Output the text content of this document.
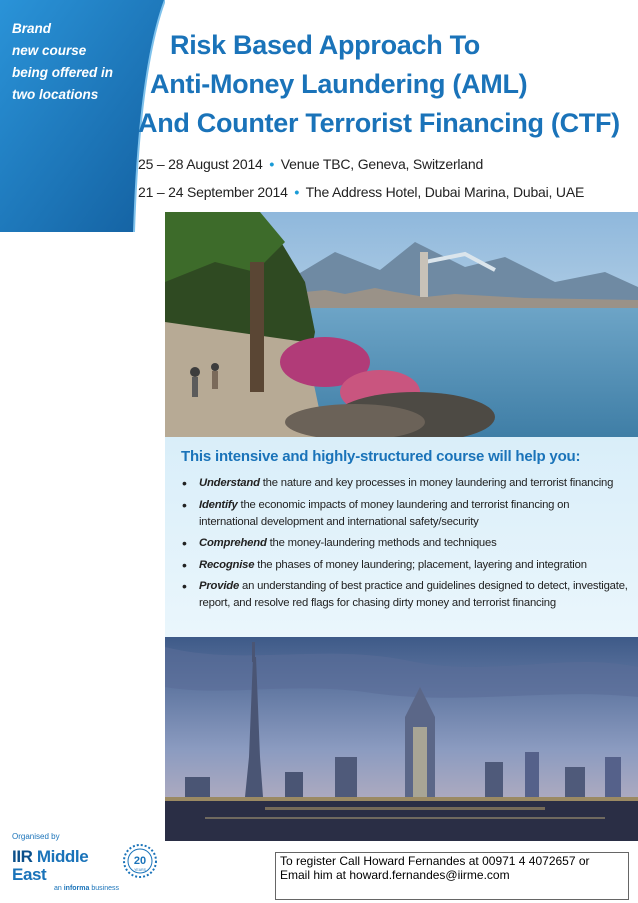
Brand
new course
being offered in
two locations
Risk Based Approach To
Anti-Money Laundering (AML)
And Counter Terrorist Financing (CTF)
25 – 28 August 2014 • Venue TBC, Geneva, Switzerland
21 – 24 September 2014 • The Address Hotel, Dubai Marina, Dubai, UAE
This intensive and highly-structured course will help you:
• Understand the nature and key processes in money laundering and terrorist financing
• Identify the economic impacts of money laundering and terrorist financing on international development and international safety/security
• Comprehend the money-laundering methods and techniques
• Recognise the phases of money laundering; placement, layering and integration
• Provide an understanding of best practice and guidelines designed to detect, investigate, report, and resolve red flags for chasing dirty money and terrorist financing
Organised by
IIR Middle East
an informa business
20
YEARS
To register Call Howard Fernandes at 00971 4 4072657 or
Email him at howard.fernandes@iirme.com
